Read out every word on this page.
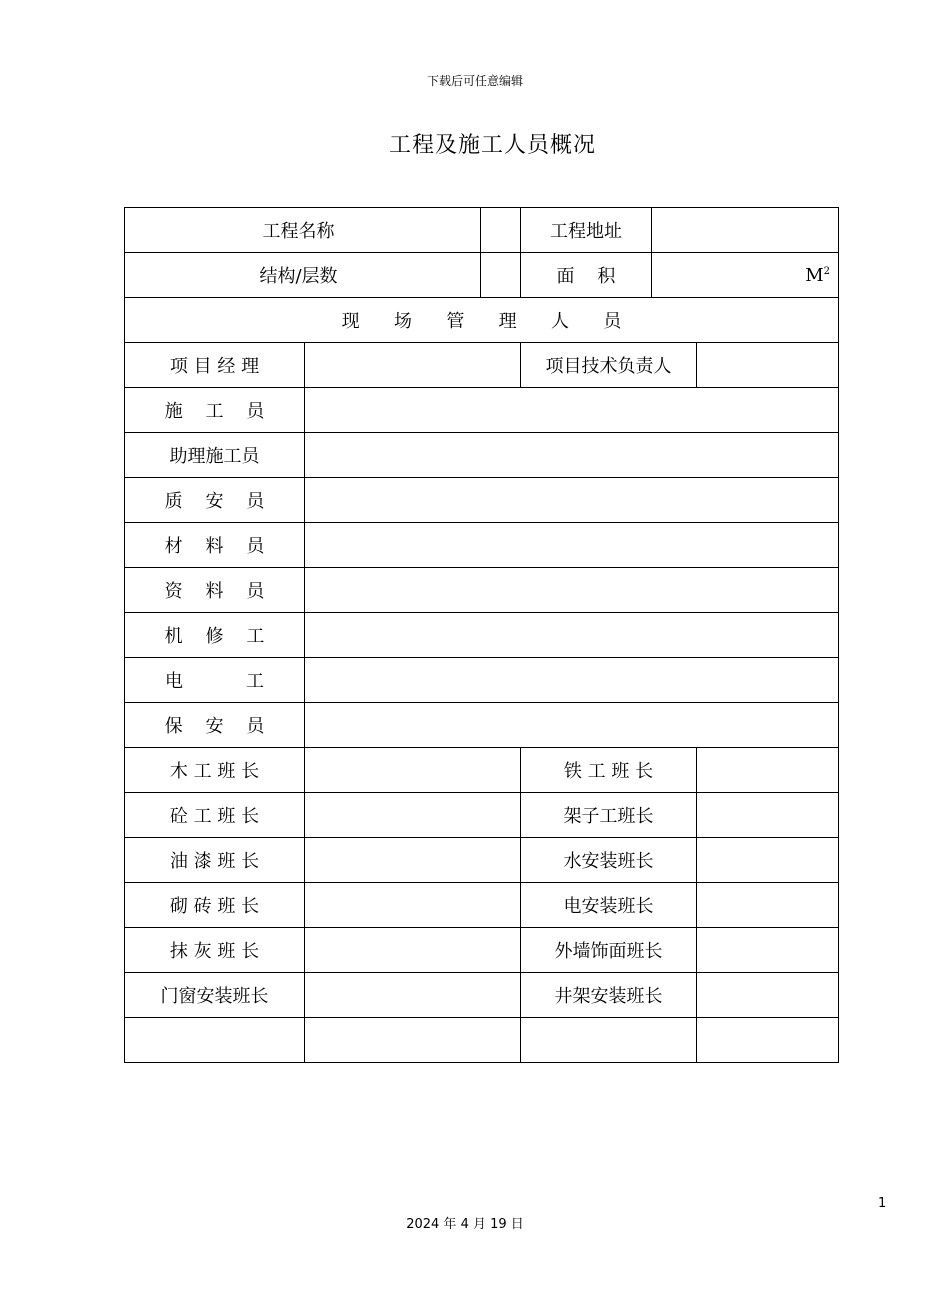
下载后可任意编辑
工程及施工人员概况
工程名称			工程地址		
结构/层数			面    积	$M^2$
现      场      管      理      人      员					
项 目 经 理			项目技术负责人		
施    工    员					
助理施工员					
质    安    员					
材    料    员					
资    料    员					
机    修    工					
电           工					
保    安    员					
木 工 班 长			铁 工 班 长		
砼 工 班 长			架子工班长		
油 漆 班 长			水安装班长		
砌 砖 班 长			电安装班长		
抹 灰 班 长			外墙饰面班长		
门窗安装班长			井架安装班长		

1
2024 年 4 月 19 日
